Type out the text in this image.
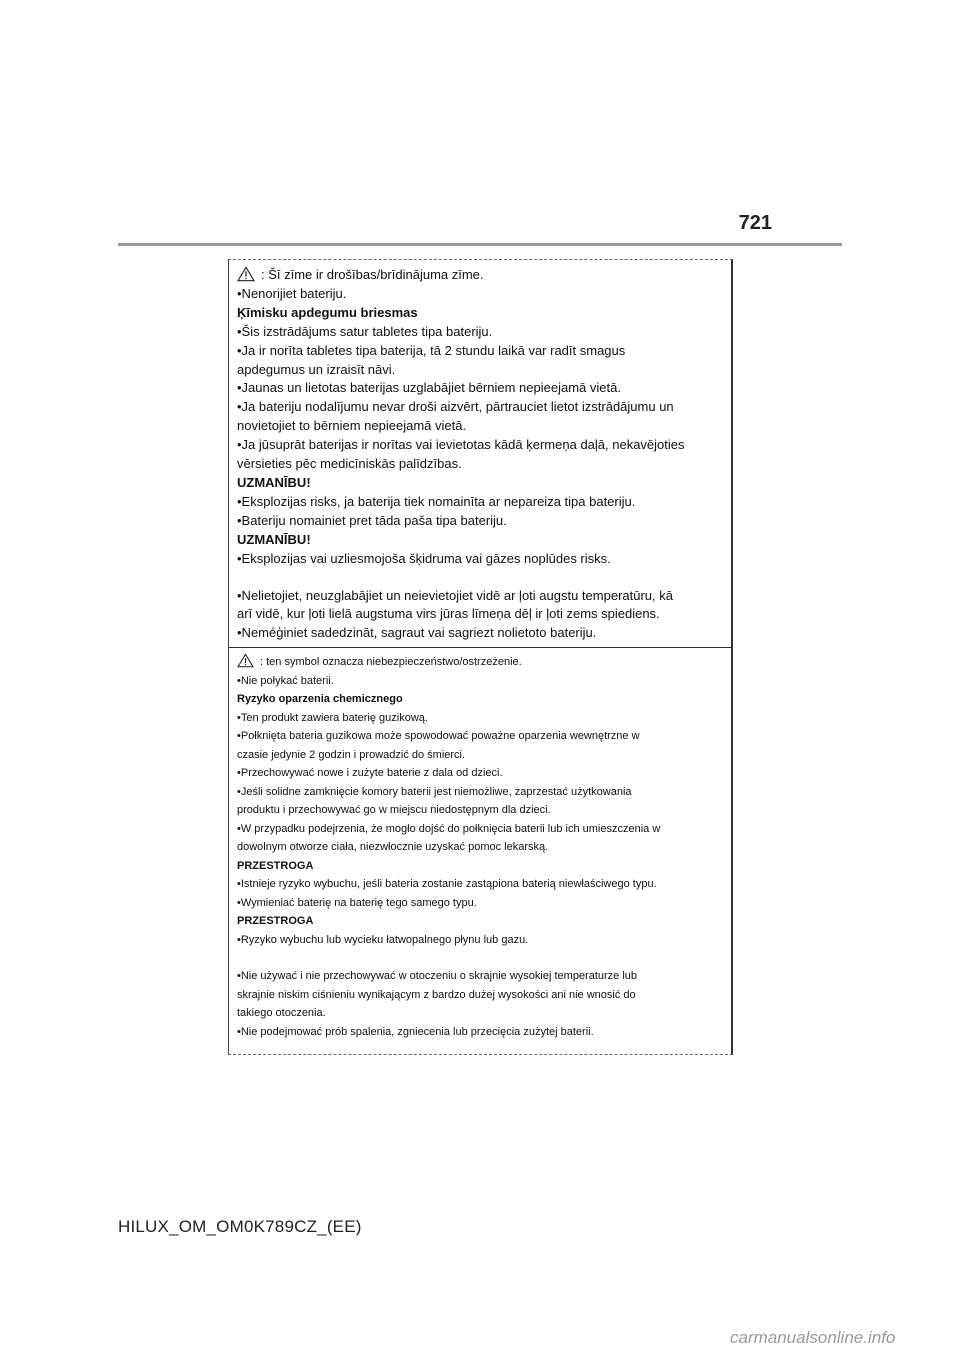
721
: Šī zīme ir drošības/brīdinājuma zīme.
•Nenorijiet bateriju.
Ķīmisku apdegumu briesmas
•Šis izstrādājums satur tabletes tipa bateriju.
•Ja ir norīta tabletes tipa baterija, tā 2 stundu laikā var radīt smagus
apdegumus un izraisīt nāvi.
•Jaunas un lietotas baterijas uzglabājiet bērniem nepieejamā vietā.
•Ja bateriju nodalījumu nevar droši aizvērt, pārtrauciet lietot izstrādājumu un
novietojiet to bērniem nepieejamā vietā.
•Ja jūsuprāt baterijas ir norītas vai ievietotas kādā ķermeņa daļā, nekavējoties
vērsieties pēc medicīniskās palīdzības.
UZMANĪBU!
•Eksplozijas risks, ja baterija tiek nomainīta ar nepareiza tipa bateriju.
•Bateriju nomainiet pret tāda paša tipa bateriju.
UZMANĪBU!
•Eksplozijas vai uzliesmojoša šķidruma vai gāzes noplūdes risks.
•Nelietojiet, neuzglabājiet un neievietojiet vidē ar ļoti augstu temperatūru, kā
arī vidē, kur ļoti lielā augstuma virs jūras līmeņa dēļ ir ļoti zems spiediens.
•Neméģiniet sadedzināt, sagraut vai sagriezt nolietoto bateriju.
: ten symbol oznacza niebezpieczeństwo/ostrzeżenie.
•Nie połykać baterii.
Ryzyko oparzenia chemicznego
•Ten produkt zawiera baterię guzikową.
•Połknięta bateria guzikowa może spowodować poważne oparzenia wewnętrzne w
czasie jedynie 2 godzin i prowadzić do śmierci.
•Przechowywać nowe i zużyte baterie z dala od dzieci.
•Jeśli solidne zamknięcie komory baterii jest niemożliwe, zaprzestać użytkowania
produktu i przechowywać go w miejscu niedostępnym dla dzieci.
•W przypadku podejrzenia, że mogło dojść do połknięcia baterii lub ich umieszczenia w
dowolnym otworze ciała, niezwłocznie uzyskać pomoc lekarską.
PRZESTROGA
•Istnieje ryzyko wybuchu, jeśli bateria zostanie zastąpiona baterią niewłaściwego typu.
•Wymieniać baterię na baterię tego samego typu.
PRZESTROGA
•Ryzyko wybuchu lub wycieku łatwopalnego płynu lub gazu.
•Nie używać i nie przechowywać w otoczeniu o skrajnie wysokiej temperaturze lub
skrajnie niskim ciśnieniu wynikającym z bardzo dużej wysokości ani nie wnosić do
takiego otoczenia.
•Nie podejmować prób spalenia, zgniecenia lub przecięcia zużytej baterii.
HILUX_OM_OM0K789CZ_(EE)
carmanualsonline.info
